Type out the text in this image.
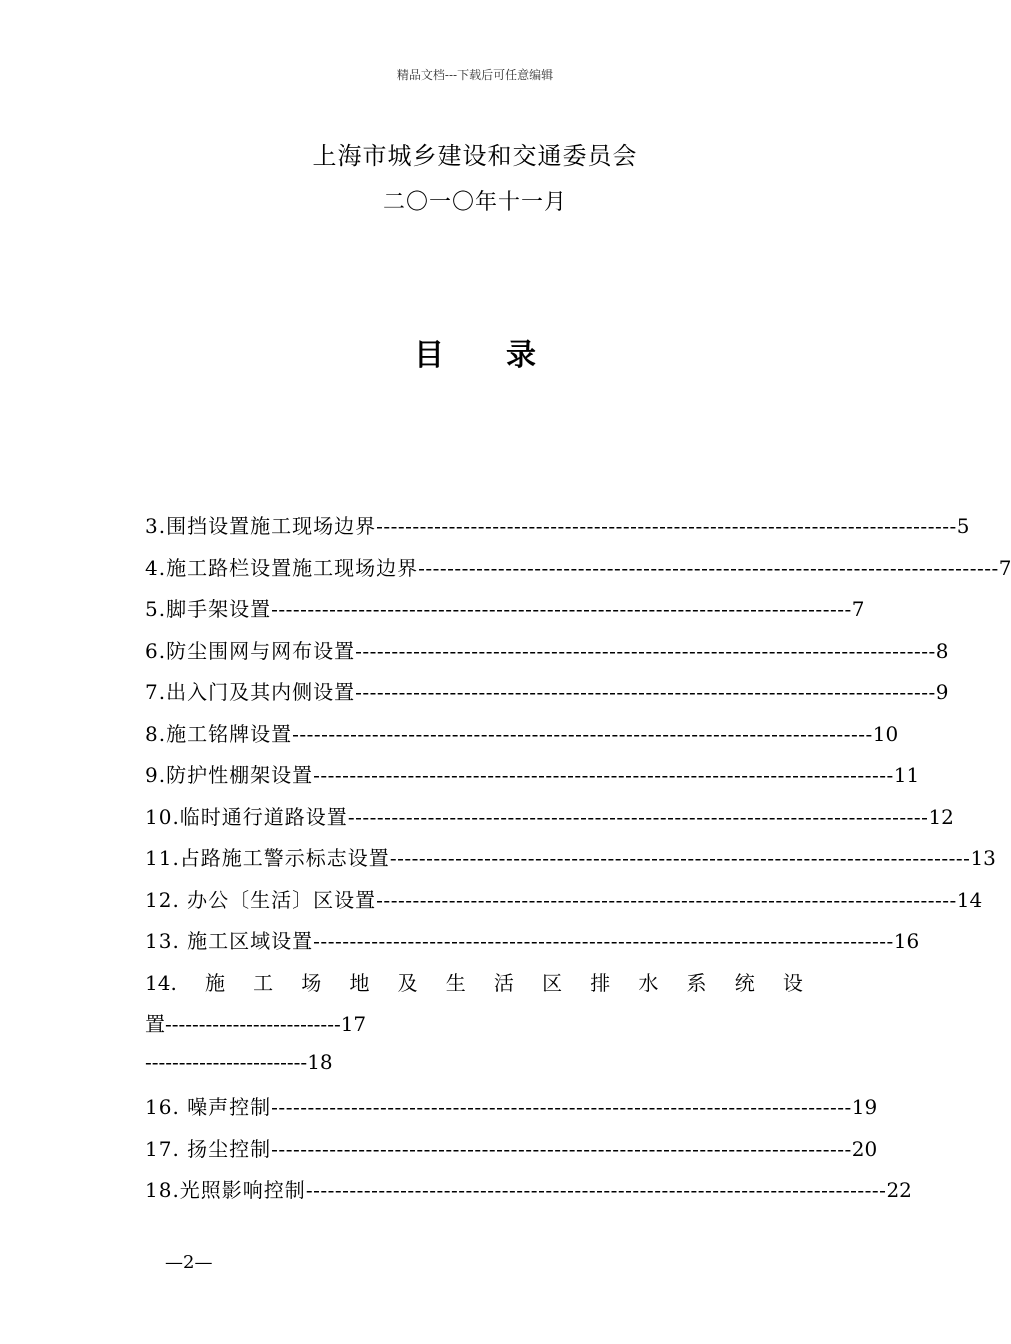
精品文档---下载后可任意编辑
上海市城乡建设和交通委员会
二〇一〇年十一月
目 录
3.围挡设置施工现场边界 -------------------------------------------------------------------------------- 5
4.施工路栏设置施工现场边界 -------------------------------------------------------------------------------- 7
5.脚手架设置 -------------------------------------------------------------------------------- 7
6.防尘围网与网布设置 -------------------------------------------------------------------------------- 8
7.出入门及其内侧设置 -------------------------------------------------------------------------------- 9
8.施工铭牌设置 -------------------------------------------------------------------------------- 10
9.防护性棚架设置 -------------------------------------------------------------------------------- 11
10.临时通行道路设置 -------------------------------------------------------------------------------- 12
11.占路施工警示标志设置 -------------------------------------------------------------------------------- 13
12. 办公〔生活〕区设置 -------------------------------------------------------------------------------- 14
13. 施工区域设置 -------------------------------------------------------------------------------- 16
14. 施 工 场 地 及 生 活 区 排 水 系 统 设
置 -------------------------- 17
------------------------ 18
16. 噪声控制 -------------------------------------------------------------------------------- 19
17. 扬尘控制 -------------------------------------------------------------------------------- 20
18.光照影响控制 -------------------------------------------------------------------------------- 22
—2—
